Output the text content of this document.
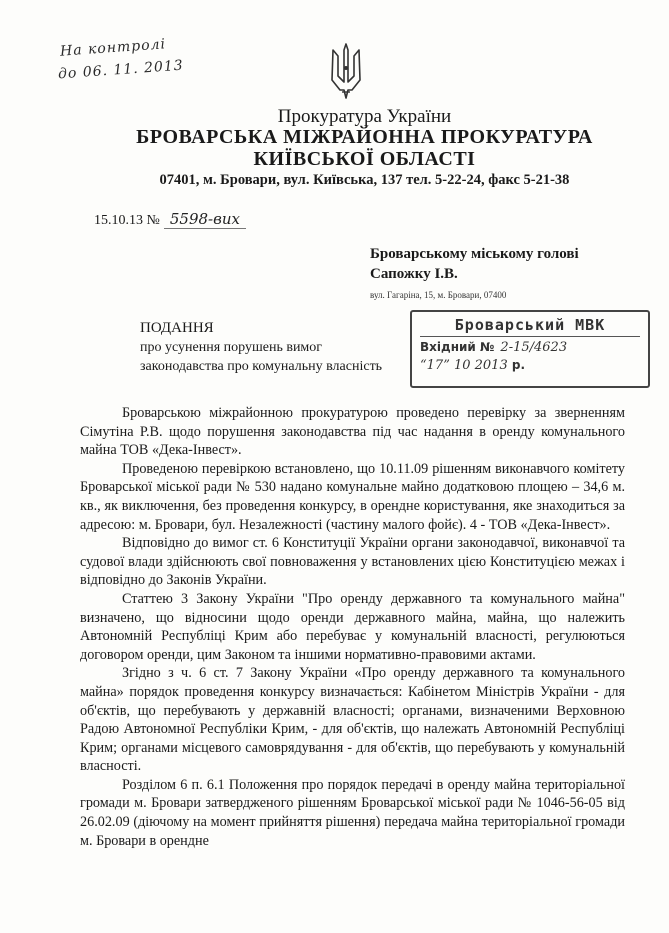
На контролі
до 06. 11. 2013
Прокуратура України
БРОВАРСЬКА МІЖРАЙОННА ПРОКУРАТУРА
КИЇВСЬКОЇ ОБЛАСТІ
07401, м. Бровари, вул. Київська, 137 тел. 5-22-24, факс 5-21-38
15.10.13 № 5598-вих
Броварському міському голові
Сапожку І.В.
вул. Гагаріна, 15, м. Бровари, 07400
ПОДАННЯ
про усунення порушень вимог
законодавства про комунальну власність
Броварський МВК
Вхідний № 2-15/4623
“17” 10 2013 р.

Броварською міжрайонною прокуратурою проведено перевірку за зверненням Сімутіна Р.В. щодо порушення законодавства під час надання в оренду комунального майна ТОВ «Дека-Інвест».

Проведеною перевіркою встановлено, що 10.11.09 рішенням виконавчого комітету Броварської міської ради № 530 надано комунальне майно додатковою площею – 34,6 м. кв., як виключення, без проведення конкурсу, в орендне користування, яке знаходиться за адресою: м. Бровари, бул. Незалежності (частину малого фойє). 4 - ТОВ «Дека-Інвест».

Відповідно до вимог ст. 6 Конституції України органи законодавчої, виконавчої та судової влади здійснюють свої повноваження у встановлених цією Конституцією межах і відповідно до Законів України.

Статтею 3 Закону України "Про оренду державного та комунального майна" визначено, що відносини щодо оренди державного майна, майна, що належить Автономній Республіці Крим або перебуває у комунальній власності, регулюються договором оренди, цим Законом та іншими нормативно-правовими актами.

Згідно з ч. 6 ст. 7 Закону України «Про оренду державного та комунального майна» порядок проведення конкурсу визначається: Кабінетом Міністрів України - для об'єктів, що перебувають у державній власності; органами, визначеними Верховною Радою Автономної Республіки Крим, - для об'єктів, що належать Автономній Республіці Крим; органами місцевого самоврядування - для об'єктів, що перебувають у комунальній власності.

Розділом 6 п. 6.1 Положення про порядок передачі в оренду майна територіальної громади м. Бровари затвердженого рішенням Броварської міської ради № 1046-56-05 від 26.02.09 (діючому на момент прийняття рішення) передача майна територіальної громади м. Бровари в орендне
